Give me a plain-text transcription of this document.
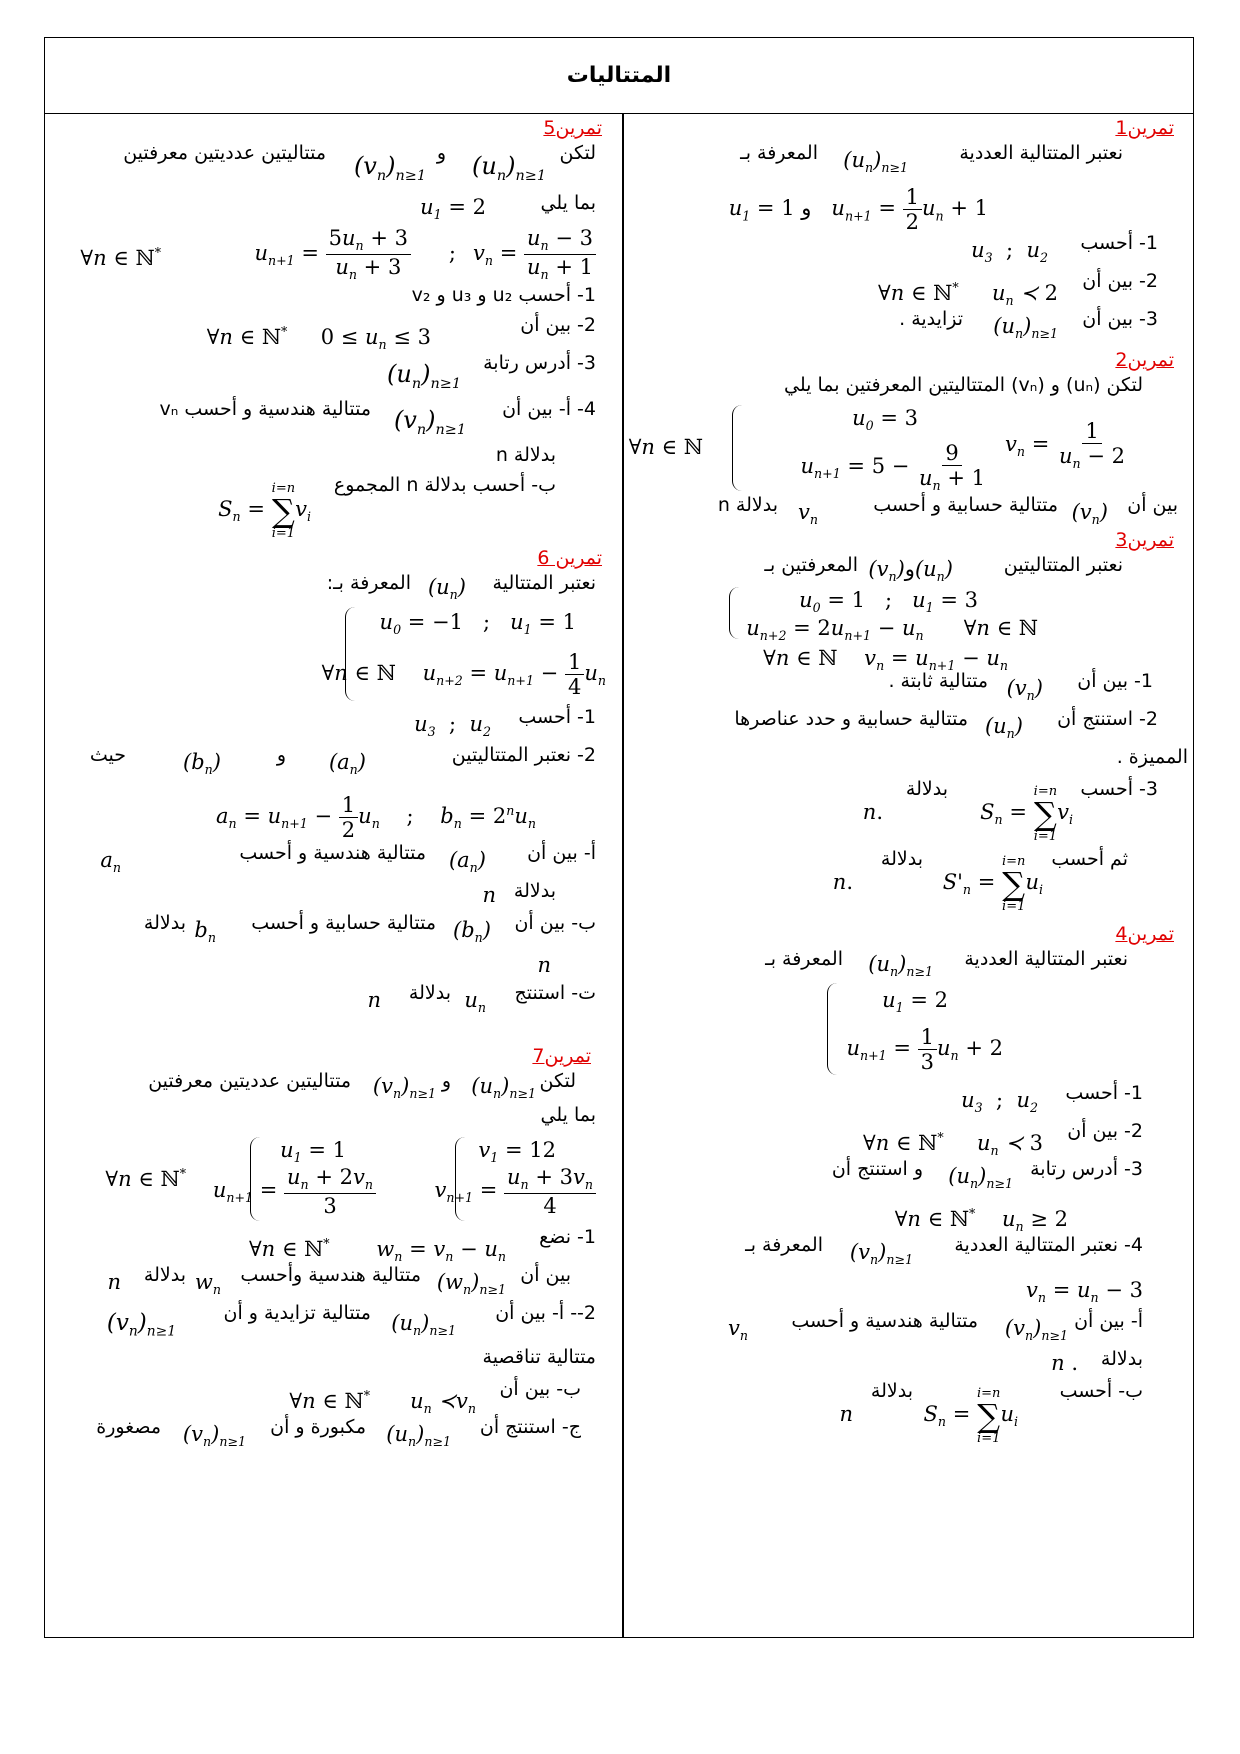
المتتاليات
تمرين1
نعتبر المتتالية العددية
$(u_n)_{n\ge 1}$
المعرفة بـ
$u_1 = 1$ و   $u_{n+1} = \frac{1}{2} u_n + 1$
1- أحسب
$u_3$ ;  $u_2$
2- بين أن
∀n ∈ ℕ*     $u_n$ ≺ 2
3- بين أن
$(u_n)_{n\ge 1}$
تزايدية .
تمرين2
لتكن (uₙ) و (vₙ) المتتاليتين المعرفتين بما يلي
∀n ∈ ℕ
$u_0 = 3$
$u_{n+1} = 5 - \frac{9}{u_n + 1} v_n = \frac{1}{u_n - 2}$
بين أن
$(v_n)$
متتالية حسابية و أحسب
$v_n$
بدلالة n
تمرين3
نعتبر المتتاليتين
$(v_n)و(u_n)$
المعرفتين بـ
$u_0 = 1$   ;   $u_1 = 3$
$u_{n+2} = 2u_{n+1} - u_n$      ∀n ∈ ℕ
∀n ∈ ℕ    $v_n = u_{n+1} - u_n$
1- بين أن
$(v_n)$
متتالية ثابتة .
2- استنتج أن
$(u_n)$
متتالية حسابية و حدد عناصرها
المميزة .
3- أحسب
$S_n$ =
i=n
∑
i=1
$v_i$
بدلالة
n.
ثم أحسب
$S'_n$ =
i=n
∑
i=1
$u_i$
بدلالة
n.
تمرين4
نعتبر المتتالية العددية
$(u_n)_{n\ge 1}$
المعرفة بـ
$u_1 = 2$
$u_{n+1} = \frac{1}{3} u_n + 2$
1- أحسب
$u_3$ ;  $u_2$
2- بين أن
∀n ∈ ℕ*     $u_n$ ≺ 3
3- أدرس رتابة
$(u_n)_{n\ge 1}$
و استنتج أن
∀n ∈ ℕ*    $u_n \ge 2$
4- نعتبر المتتالية العددية
$(v_n)_{n\ge 1}$
المعرفة بـ
$v_n = u_n - 3$
أ- بين أن
$(v_n)_{n\ge 1}$
متتالية هندسية و أحسب
$v_n$
بدلالة
n .
ب- أحسب
$S_n$ =
i=n
∑
i=1
$u_i$
بدلالة
n
تمرين5
لتكن
$(u_n)_{n\ge 1}$
و
$(v_n)_{n\ge 1}$
متتاليتين عدديتين معرفتين
بما يلي
$u_1 = 2$
∀n ∈ ℕ*	$u_{n+1} = \frac{5u_n + 3}{u_n + 3}$ ; $v_n = \frac{u_n - 3}{u_n + 1}$
1- أحسب u₂ و u₃ و v₂
2- بين أن
∀n ∈ ℕ* $0 \le u_n \le 3$
3- أدرس رتابة
$(u_n)_{n\ge 1}$
4- أ- بين أن
$(v_n)_{n\ge 1}$
متتالية هندسية و أحسب vₙ
بدلالة n
ب- أحسب بدلالة n المجموع
$S_n$ =
i=n
∑
i=1
$v_i$
تمرين 6
نعتبر المتتالية
$(u_n)$
المعرفة بـ:
$u_0 = -1$   ;   $u_1 = 1$
∀n ∈ ℕ    $u_{n+2} = u_{n+1} - \frac{1}{4} u_n$
1- أحسب
$u_3$ ;  $u_2$
2- نعتبر المتتاليتين
$(a_n)$
و
$(b_n)$
حيث
$a_n = u_{n+1} - \frac{1}{2} u_n$ ;    $b_n = 2^nu_n$
أ- بين أن
$(a_n)$
متتالية هندسية و أحسب
$a_n$
بدلالة
n
ب- بين أن
$(b_n)$
متتالية حسابية و أحسب
$b_n$
بدلالة
n
ت- استنتج
$u_n$
بدلالة
n
تمرين7
لتكن
$(u_n)_{n\ge 1}$
و
$(v_n)_{n\ge 1}$
متتاليتين عدديتين معرفتين
بما يلي
∀n ∈ ℕ*
$u_1 = 1$
$u_{n+1} = \frac{u_n + 2v_n}{3}$
$v_1 = 12$
$v_{n+1} = \frac{u_n + 3v_n}{4}$
1- نضع
∀n ∈ ℕ*       $w_n = v_n - u_n$
بين أن
$(w_n)_{n\ge 1}$
متتالية هندسية وأحسب
$w_n$
بدلالة
n
2-- أ- بين أن
$(u_n)_{n\ge 1}$
متتالية تزايدية و أن
$(v_n)_{n\ge 1}$
متتالية تناقصية
ب- بين أن
∀n ∈ ℕ*      $u_n$ $≺v_n$
ج- استنتج أن
$(u_n)_{n\ge 1}$
مكبورة و أن
$(v_n)_{n\ge 1}$
مصغورة
